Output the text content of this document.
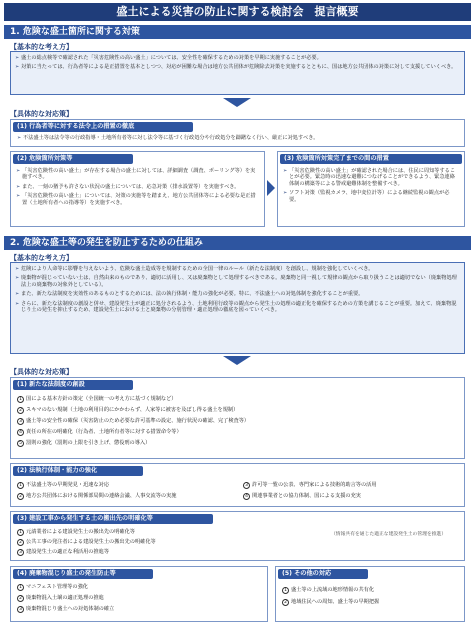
盛土による災害の防止に関する検討会　提言概要
1. 危険な盛土箇所に関する対策
【基本的な考え方】
➢ 盛土の総点検等で確認された「災害危険性の高い盛土」については、安全性を確保するための対策を早期に実施することが必要。
➢ 対策に当たっては、行為者等による是正措置を基本としつつ、対応が困難な場合は地方公共団体が危険除去対策を実施するとともに、国は地方公共団体の対策に対して支援していくべき。
【具体的な対応策】
(1) 行為者等に対する法令上の措置の徹底
➢ 不法盛土等は法令等の行政指導・土地所有者等に対し法令等に基づく行政処分や行政処分を躊躇なく行い、厳正に対処すべき。
(2) 危険箇所対策等
➢ 「災害危険性の高い盛土」が存在する場合の盛土に対しては、詳細調査（調査、ボーリング等）を実施すべき。
➢ また、一刻の猶予も許さない状況の盛土については、応急対策（排水設置等）を実施すべき。
➢ 「災害危険性の高い盛土」については、対策の実施等を踏まえ、地方公共団体等による必要な是正措置（土地所有者への指導等）を実施すべき。
(3) 危険箇所対策完了までの間の措置
➢ 「災害危険性の高い盛土」が確認された場合には、住民に周知等することが必要。緊急時の迅速な避難につなげることができるよう、緊急連絡体制の構築等による警戒避難体制を整備すべき。
➢ ソフト対策（監視カメラ、地中変位計等）による継続監視の観点が必要。
2. 危険な盛土等の発生を防止するための仕組み
【基本的な考え方】
➢ 危険により人命等に影響を与えないよう、危険な盛土造成等を規制するための全国一律のルール（新たな法制度）を創設し、規制を強化していくべき。
➢ 廃棄物が混じっていない土は、自然由来のものであり、適切に活用し、又は廃棄物として処理するべきである。廃棄物と同一視して規律の観点から取り扱うことは適切でない（廃棄物処理法上の廃棄物の対象外としている）。
➢ また、新たな法制度を実効性のあるものとするためには、法の執行体制・能力の強化が必要。特に、不法盛土への対処体制を強化することが重要。
➢ さらに、新たな法制度の創設と併せ、建設発生土が適正に処分されるよう、土地利用行政等の観点から発生土の処理の適正化を確保するための方策を講じることが重要。加えて、廃棄物混じり土の発生を抑止するため、建設発生土における土と廃棄物の分別管理・適正処理の徹底を図っていくべき。
【具体的な対応策】
(1) 新たな法制度の創設
1 国による基本方針の策定（全国統一の考え方に基づく規制など）
2 スキマのない規制（土地の利用目的にかかわらず、人家等に被害を及ぼし得る盛土を規制）
3 盛土等の安全性の確保（災害防止のため必要な許可基準の設定、施行状況の確認、完了検査等）
4 責任の所在の明確化（行為者、土地所有者等に対する措置命令等）
5 罰則の強化（罰則の上限を引き上げ、懲役刑の導入）
(2) 法執行体制・能力の強化
1 不法盛土等の早期発見・迅速な対応
2 地方公共団体における関係部局間の連絡会議、人事交流等の実施
3 許可等一覧の公表、専門家による技術的助言等の活用
4 関連事業者との協力体制、国による支援の充実
(3) 建設工事から発生する土の搬出先の明確化等
1 元請業者による建設発生土の搬出先の明確化等
2 公共工事の発注者による建設発生土の搬出先の明確化等
3 建設発生土の適正な利活用の推進等
（情報共有を通じた適正な建設発生土の管理を推進）
(4) 廃棄物混じり盛土の発生防止等
1 マニフェスト管理等の強化
2 廃棄物混入土壌の適正処理の推進
3 廃棄物混じり盛土への対処体制の確立
(5) その他の対応
1 盛土等の上流域の地形情報の共有化
2 地域住民への周知、盛土等の早期把握
